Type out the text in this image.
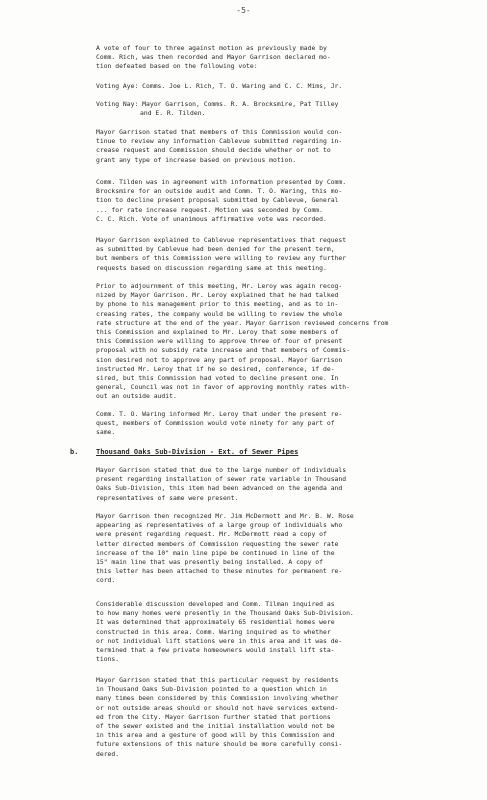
-5-
A vote of four to three against motion as previously made by
Comm. Rich, was then recorded and Mayor Garrison declared mo-
tion defeated based on the following vote:
Voting Aye: Comms. Joe L. Rich, T. O. Waring and C. C. Mims, Jr.
Voting Nay: Mayor Garrison, Comms. R. A. Brocksmire, Pat Tilley
and E. R. Tilden.
Mayor Garrison stated that members of this Commission would con-
tinue to review any information Cablevue submitted regarding in-
crease request and Commission should decide whether or not to
grant any type of increase based on previous motion.
Comm. Tilden was in agreement with information presented by Comm.
Brocksmire for an outside audit and Comm. T. O. Waring, this mo-
tion to decline present proposal submitted by Cablevue, General
... for rate increase request. Motion was seconded by Comm.
C. C. Rich. Vote of unanimous affirmative vote was recorded.
Mayor Garrison explained to Cablevue representatives that request
as submitted by Cablevue had been denied for the present term,
but members of this Commission were willing to review any further
requests based on discussion regarding same at this meeting.
Prior to adjournment of this meeting, Mr. Leroy was again recog-
nized by Mayor Garrison. Mr. Leroy explained that he had talked
by phone to his management prior to this meeting, and as to in-
creasing rates, the company would be willing to review the whole
rate structure at the end of the year. Mayor Garrison reviewed concerns from
this Commission and explained to Mr. Leroy that some members of
this Commission were willing to approve three of four of present
proposal with no subsidy rate increase and that members of Commis-
sion desired not to approve any part of proposal. Mayor Garrison
instructed Mr. Leroy that if he so desired, conference, if de-
sired, but this Commission had voted to decline present one. In
general, Council was not in favor of approving monthly rates with-
out an outside audit.
Comm. T. O. Waring informed Mr. Leroy that under the present re-
quest, members of Commission would vote ninety for any part of
same.
b.	Thousand Oaks Sub-Division - Ext. of Sewer Pipes
Mayor Garrison stated that due to the large number of individuals
present regarding installation of sewer rate variable in Thousand
Oaks Sub-Division, this item had been advanced on the agenda and
representatives of same were present.
Mayor Garrison then recognized Mr. Jim McDermott and Mr. B. W. Rose
appearing as representatives of a large group of individuals who
were present regarding request. Mr. McDermott read a copy of
letter directed members of Commission requesting the sewer rate
increase of the 10" main line pipe be continued in line of the
15" main line that was presently being installed. A copy of
this letter has been attached to these minutes for permanent re-
cord.
Considerable discussion developed and Comm. Tilman inquired as
to how many homes were presently in the Thousand Oaks Sub-Division.
It was determined that approximately 65 residential homes were
constructed in this area. Comm. Waring inquired as to whether
or not individual lift stations were in this area and it was de-
termined that a few private homeowners would install lift sta-
tions.
Mayor Garrison stated that this particular request by residents
in Thousand Oaks Sub-Division pointed to a question which in
many times been considered by this Commission involving whether
or not outside areas should or should not have services extend-
ed from the City. Mayor Garrison further stated that portions
of the sewer existed and the initial installation would not be
in this area and a gesture of good will by this Commission and
future extensions of this nature should be more carefully consi-
dered.
